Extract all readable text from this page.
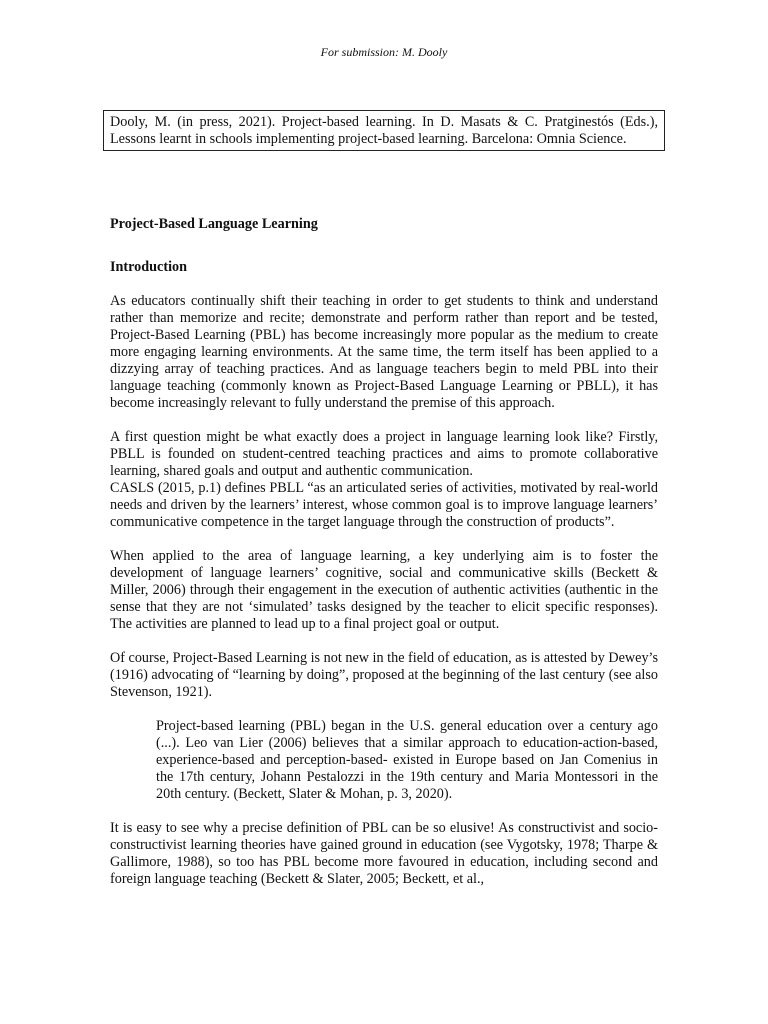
For submission: M. Dooly
Dooly, M. (in press, 2021). Project-based learning. In D. Masats & C. Pratginestós (Eds.), Lessons learnt in schools implementing project-based learning. Barcelona: Omnia Science.

Project-Based Language Learning

Introduction

As educators continually shift their teaching in order to get students to think and understand rather than memorize and recite; demonstrate and perform rather than report and be tested, Project-Based Learning (PBL) has become increasingly more popular as the medium to create more engaging learning environments. At the same time, the term itself has been applied to a dizzying array of teaching practices. And as language teachers begin to meld PBL into their language teaching (commonly known as Project-Based Language Learning or PBLL), it has become increasingly relevant to fully understand the premise of this approach.

A first question might be what exactly does a project in language learning look like? Firstly, PBLL is founded on student-centred teaching practices and aims to promote collaborative learning, shared goals and output and authentic communication.

CASLS (2015, p.1) defines PBLL “as an articulated series of activities, motivated by real-world needs and driven by the learners’ interest, whose common goal is to improve language learners’ communicative competence in the target language through the construction of products”.

When applied to the area of language learning, a key underlying aim is to foster the development of language learners’ cognitive, social and communicative skills (Beckett & Miller, 2006) through their engagement in the execution of authentic activities (authentic in the sense that they are not ‘simulated’ tasks designed by the teacher to elicit specific responses). The activities are planned to lead up to a final project goal or output.

Of course, Project-Based Learning is not new in the field of education, as is attested by Dewey’s (1916) advocating of “learning by doing”, proposed at the beginning of the last century (see also Stevenson, 1921).

Project-based learning (PBL) began in the U.S. general education over a century ago (...). Leo van Lier (2006) believes that a similar approach to education-action-based, experience-based and perception-based- existed in Europe based on Jan Comenius in the 17th century, Johann Pestalozzi in the 19th century and Maria Montessori in the 20th century. (Beckett, Slater & Mohan, p. 3, 2020).

It is easy to see why a precise definition of PBL can be so elusive! As constructivist and socio-constructivist learning theories have gained ground in education (see Vygotsky, 1978; Tharpe & Gallimore, 1988), so too has PBL become more favoured in education, including second and foreign language teaching (Beckett & Slater, 2005; Beckett, et al.,
